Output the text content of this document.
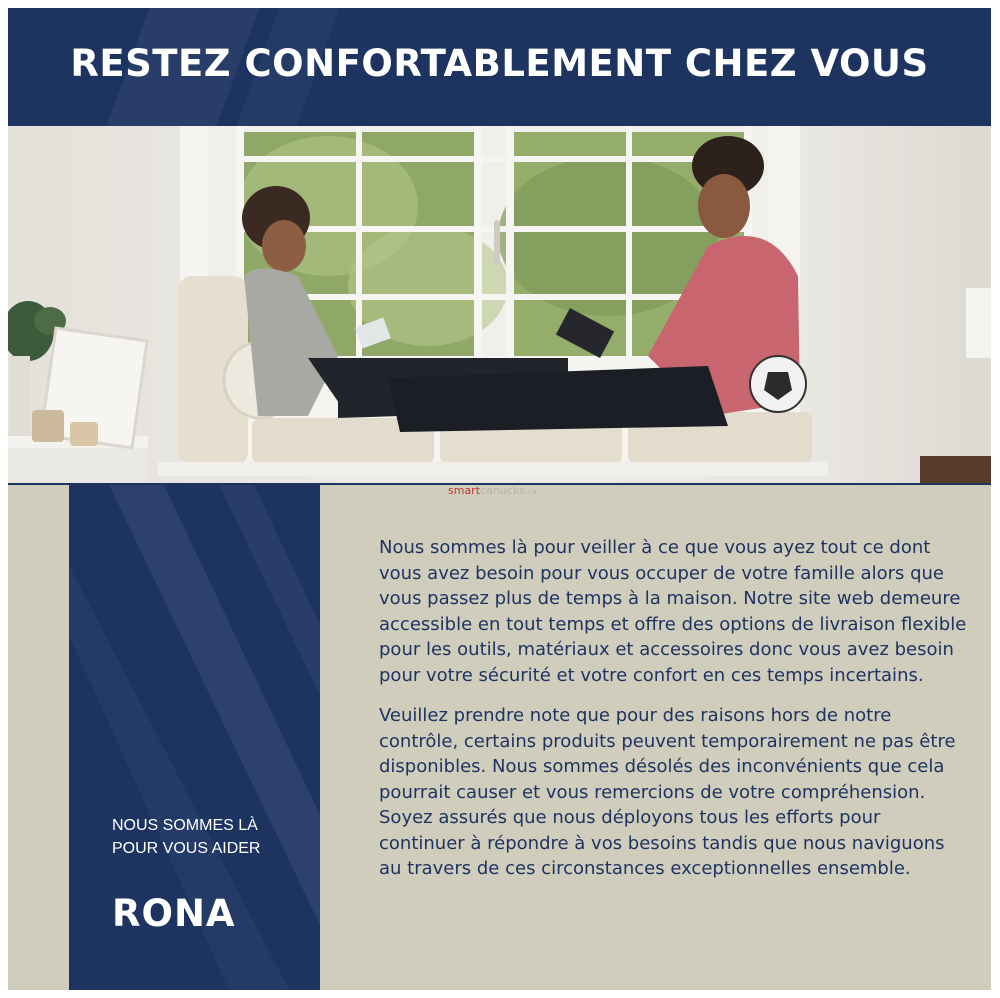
RESTEZ CONFORTABLEMENT CHEZ VOUS
smartcanucks.ca
NOUS SOMMES LÀ
POUR VOUS AIDER
RONA

Nous sommes là pour veiller à ce que vous ayez tout ce dont vous avez besoin pour vous occuper de votre famille alors que vous passez plus de temps à la maison. Notre site web demeure accessible en tout temps et offre des options de livraison flexible pour les outils, matériaux et accessoires donc vous avez besoin pour votre sécurité et votre confort en ces temps incertains.

Veuillez prendre note que pour des raisons hors de notre contrôle, certains produits peuvent temporairement ne pas être disponibles. Nous sommes désolés des inconvénients que cela pourrait causer et vous remercions de votre compréhension. Soyez assurés que nous déployons tous les efforts pour continuer à répondre à vos besoins tandis que nous naviguons au travers de ces circonstances exceptionnelles ensemble.
